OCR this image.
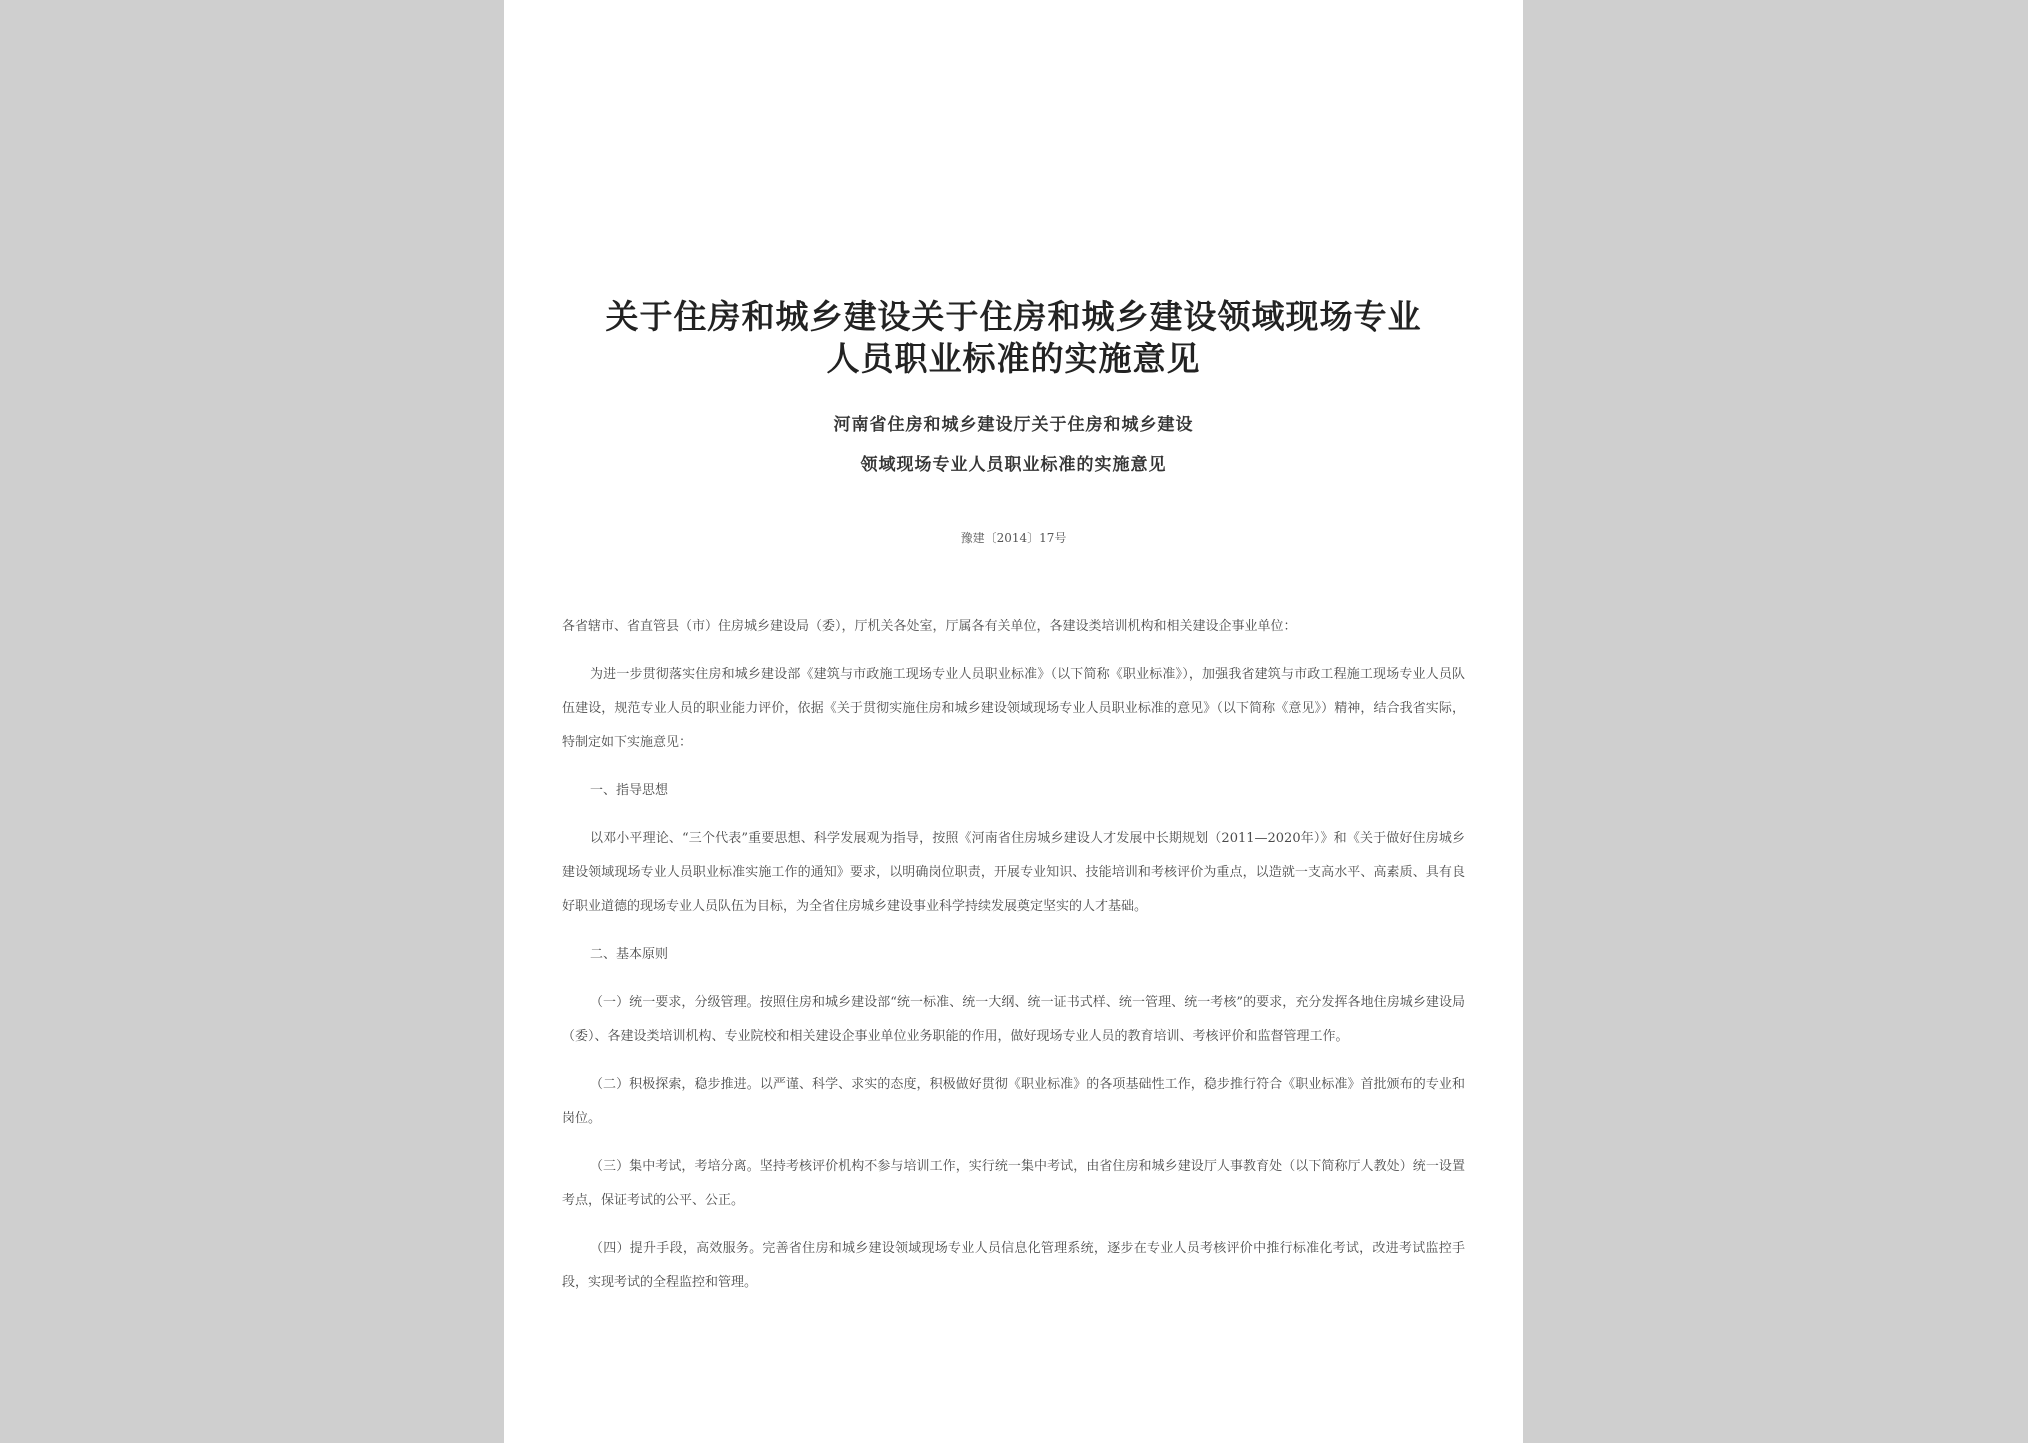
关于住房和城乡建设关于住房和城乡建设领域现场专业
人员职业标准的实施意见
河南省住房和城乡建设厅关于住房和城乡建设
领域现场专业人员职业标准的实施意见
豫建〔2014〕17号

各省辖市、省直管县（市）住房城乡建设局（委），厅机关各处室，厅属各有关单位，各建设类培训机构和相关建设企事业单位：

为进一步贯彻落实住房和城乡建设部《建筑与市政施工现场专业人员职业标准》（以下简称《职业标准》），加强我省建筑与市政工程施工现场专业人员队伍建设，规范专业人员的职业能力评价，依据《关于贯彻实施住房和城乡建设领域现场专业人员职业标准的意见》（以下简称《意见》）精神，结合我省实际，特制定如下实施意见：

一、指导思想

以邓小平理论、“三个代表”重要思想、科学发展观为指导，按照《河南省住房城乡建设人才发展中长期规划（2011—2020年）》和《关于做好住房城乡建设领域现场专业人员职业标准实施工作的通知》要求，以明确岗位职责，开展专业知识、技能培训和考核评价为重点，以造就一支高水平、高素质、具有良好职业道德的现场专业人员队伍为目标，为全省住房城乡建设事业科学持续发展奠定坚实的人才基础。

二、基本原则

（一）统一要求，分级管理。按照住房和城乡建设部“统一标准、统一大纲、统一证书式样、统一管理、统一考核”的要求，充分发挥各地住房城乡建设局（委）、各建设类培训机构、专业院校和相关建设企事业单位业务职能的作用，做好现场专业人员的教育培训、考核评价和监督管理工作。

（二）积极探索，稳步推进。以严谨、科学、求实的态度，积极做好贯彻《职业标准》的各项基础性工作，稳步推行符合《职业标准》首批颁布的专业和岗位。

（三）集中考试，考培分离。坚持考核评价机构不参与培训工作，实行统一集中考试，由省住房和城乡建设厅人事教育处（以下简称厅人教处）统一设置考点，保证考试的公平、公正。

（四）提升手段，高效服务。完善省住房和城乡建设领域现场专业人员信息化管理系统，逐步在专业人员考核评价中推行标准化考试，改进考试监控手段，实现考试的全程监控和管理。
